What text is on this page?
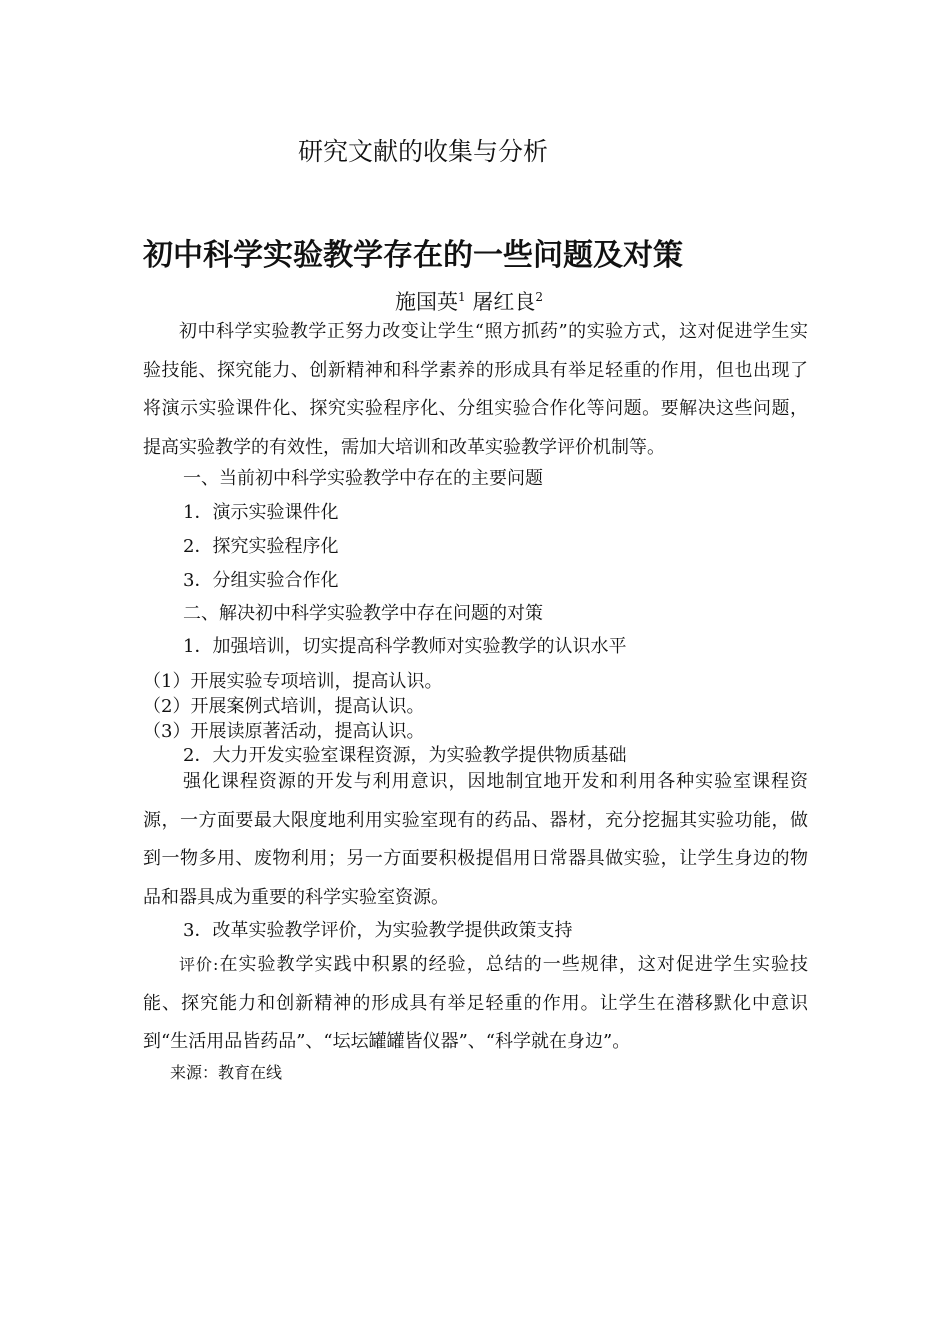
研究文献的收集与分析
初中科学实验教学存在的一些问题及对策
施国英$^1$ 屠红良$^2$
初中科学实验教学正努力改变让学生“照方抓药”的实验方式，这对促进学生实验技能、探究能力、创新精神和科学素养的形成具有举足轻重的作用，但也出现了将演示实验课件化、探究实验程序化、分组实验合作化等问题。要解决这些问题，提高实验教学的有效性，需加大培训和改革实验教学评价机制等。
一、当前初中科学实验教学中存在的主要问题
1．演示实验课件化
2．探究实验程序化
3．分组实验合作化
二、解决初中科学实验教学中存在问题的对策
1．加强培训，切实提高科学教师对实验教学的认识水平
（1）开展实验专项培训，提高认识。
（2）开展案例式培训，提高认识。
（3）开展读原著活动，提高认识。
2．大力开发实验室课程资源，为实验教学提供物质基础
强化课程资源的开发与利用意识，因地制宜地开发和利用各种实验室课程资源，一方面要最大限度地利用实验室现有的药品、器材，充分挖掘其实验功能，做到一物多用、废物利用；另一方面要积极提倡用日常器具做实验，让学生身边的物品和器具成为重要的科学实验室资源。
3．改革实验教学评价，为实验教学提供政策支持
评价:在实验教学实践中积累的经验，总结的一些规律，这对促进学生实验技能、探究能力和创新精神的形成具有举足轻重的作用。让学生在潜移默化中意识到“生活用品皆药品”、“坛坛罐罐皆仪器”、“科学就在身边”。
来源：教育在线
